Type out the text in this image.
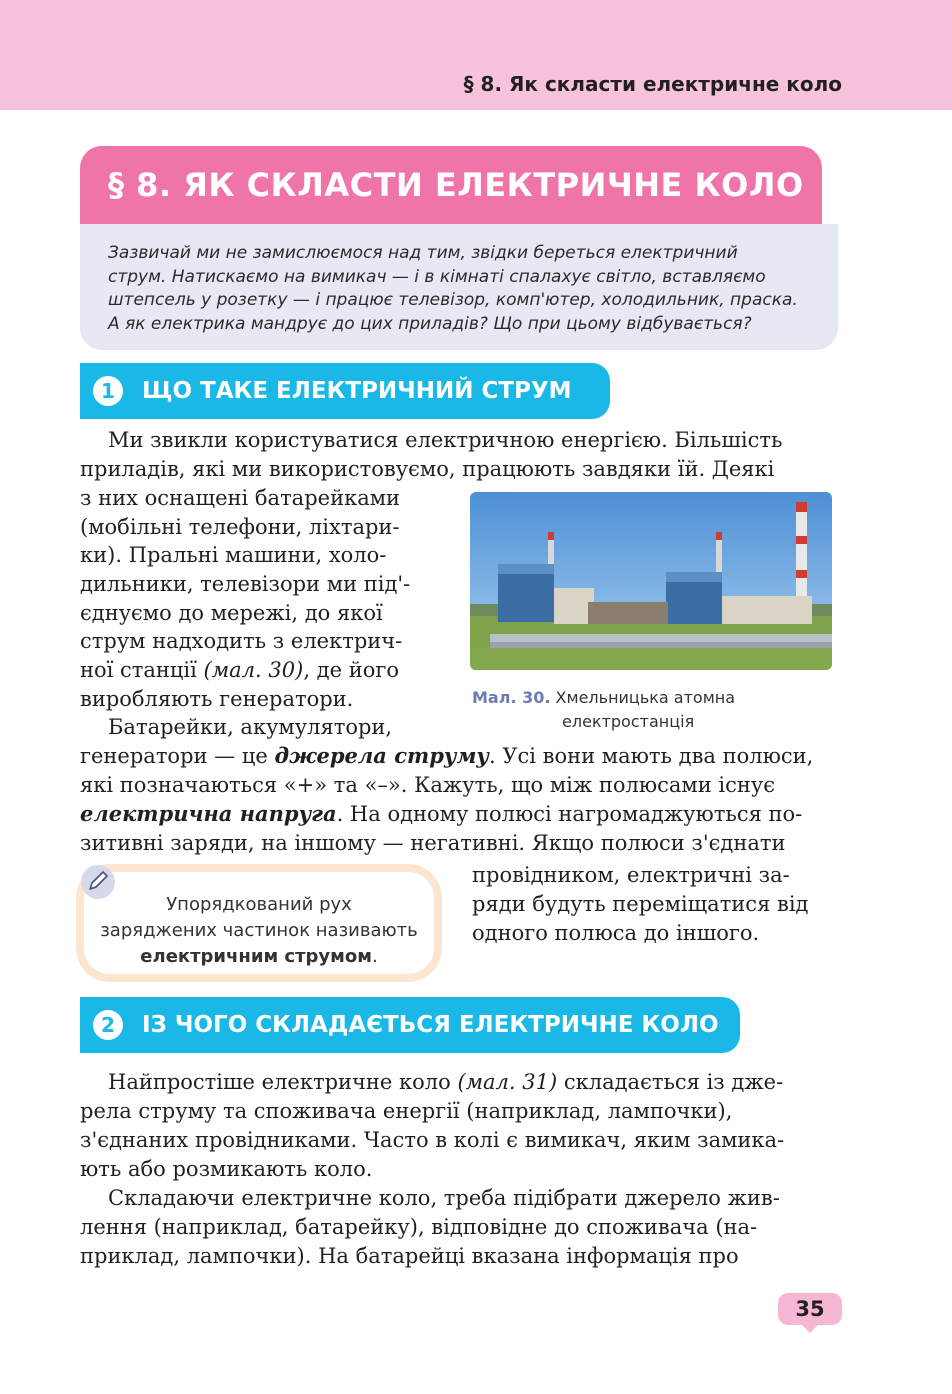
§ 8. Як скласти електричне коло
§ 8. ЯК СКЛАСТИ ЕЛЕКТРИЧНЕ КОЛО
Зазвичай ми не замислюємося над тим, звідки береться електричний
струм. Натискаємо на вимикач — і в кімнаті спалахує світло, вставляємо
штепсель у розетку — і працює телевізор, комп'ютер, холодильник, праска.
А як електрика мандрує до цих приладів? Що при цьому відбувається?
1	ЩО ТАКЕ ЕЛЕКТРИЧНИЙ СТРУМ
Ми звикли користуватися електричною енергією. Більшість
приладів, які ми використовуємо, працюють завдяки їй. Деякі
з них оснащені батарейками
(мобільні телефони, ліхтари-
ки). Пральні машини, холо-
дильники, телевізори ми під'-
єднуємо до мережі, до якої
струм надходить з електрич-
ної станції (мал. 30), де його
виробляють генератори.
Батарейки, акумулятори,
генератори — це джерела струму. Усі вони мають два полюси,
які позначаються «+» та «–». Кажуть, що між полюсами існує
електрична напруга. На одному полюсі нагромаджуються по-
зитивні заряди, на іншому — негативні. Якщо полюси з'єднати
провідником, електричні за-
ряди будуть переміщатися від
одного полюса до іншого.
Мал. 30. Хмельницька атомна
електростанція
Упорядкований рух
заряджених частинок називають
електричним струмом.
2	ІЗ ЧОГО СКЛАДАЄТЬСЯ ЕЛЕКТРИЧНЕ КОЛО
Найпростіше електричне коло (мал. 31) складається із дже-
рела струму та споживача енергії (наприклад, лампочки),
з'єднаних провідниками. Часто в колі є вимикач, яким замика-
ють або розмикають коло.
Складаючи електричне коло, треба підібрати джерело жив-
лення (наприклад, батарейку), відповідне до споживача (на-
приклад, лампочки). На батарейці вказана інформація про
35
